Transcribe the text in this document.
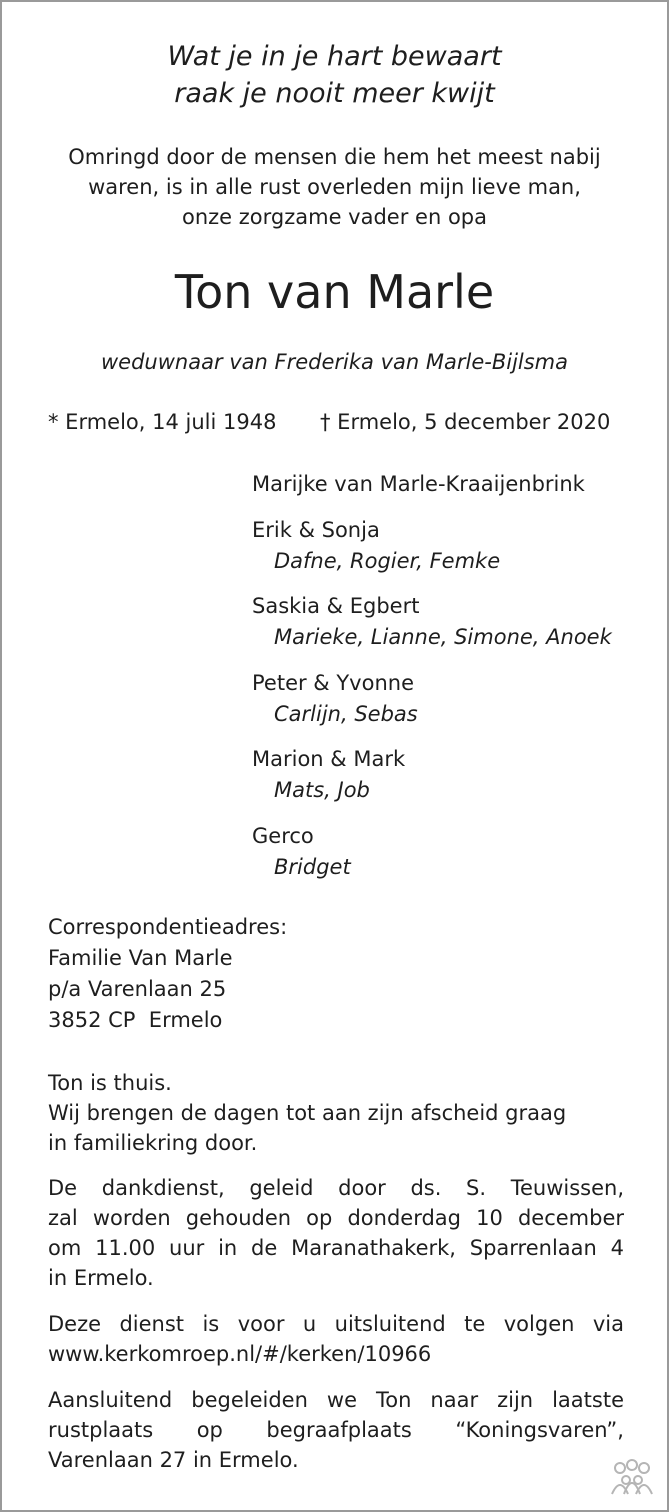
Wat je in je hart bewaart
raak je nooit meer kwijt
Omringd door de mensen die hem het meest nabij
waren, is in alle rust overleden mijn lieve man,
onze zorgzame vader en opa
Ton van Marle
weduwnaar van Frederika van Marle-Bijlsma
* Ermelo, 14 juli 1948 † Ermelo, 5 december 2020
Marijke van Marle-Kraaijenbrink
Erik & Sonja
Dafne, Rogier, Femke
Saskia & Egbert
Marieke, Lianne, Simone, Anoek
Peter & Yvonne
Carlijn, Sebas
Marion & Mark
Mats, Job
Gerco
Bridget
Correspondentieadres:
Familie Van Marle
p/a Varenlaan 25
3852 CP  Ermelo
Ton is thuis.
Wij brengen de dagen tot aan zijn afscheid graag
in familiekring door.
De dankdienst, geleid door ds. S. Teuwissen,
zal worden gehouden op donderdag 10 december
om 11.00 uur in de Maranathakerk, Sparrenlaan 4
in Ermelo.
Deze dienst is voor u uitsluitend te volgen via
www.kerkomroep.nl/#/kerken/10966
Aansluitend begeleiden we Ton naar zijn laatste
rustplaats op begraafplaats “Koningsvaren”,
Varenlaan 27 in Ermelo.
